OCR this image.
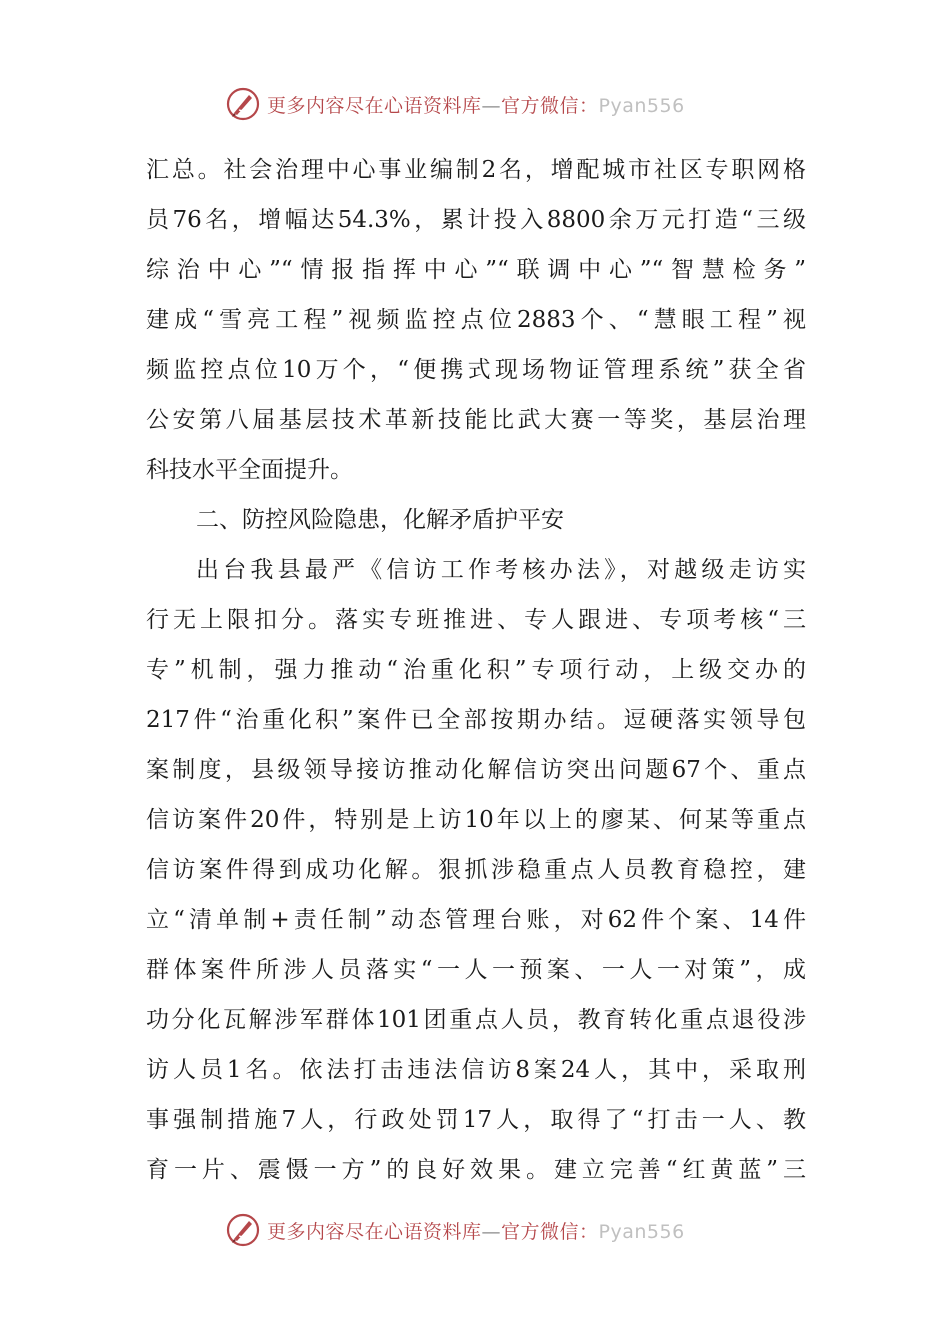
更多内容尽在心语资料库—官方微信：Pyan556
汇总。社会治理中心事业编制2名，增配城市社区专职网格
员76名，增幅达54.3%，累计投入8800余万元打造“三级
综治中心”“情报指挥中心”“联调中心”“智慧检务”
建成“雪亮工程”视频监控点位2883个、“慧眼工程”视
频监控点位10万个，“便携式现场物证管理系统”获全省
公安第八届基层技术革新技能比武大赛一等奖，基层治理
科技水平全面提升。
二、防控风险隐患，化解矛盾护平安
出台我县最严《信访工作考核办法》，对越级走访实
行无上限扣分。落实专班推进、专人跟进、专项考核“三
专”机制，强力推动“治重化积”专项行动，上级交办的
217件“治重化积”案件已全部按期办结。逗硬落实领导包
案制度，县级领导接访推动化解信访突出问题67个、重点
信访案件20件，特别是上访10年以上的廖某、何某等重点
信访案件得到成功化解。狠抓涉稳重点人员教育稳控，建
立“清单制+责任制”动态管理台账，对62件个案、14件
群体案件所涉人员落实“一人一预案、一人一对策”，成
功分化瓦解涉军群体101团重点人员，教育转化重点退役涉
访人员1名。依法打击违法信访8案24人，其中，采取刑
事强制措施7人，行政处罚17人，取得了“打击一人、教
育一片、震慑一方”的良好效果。建立完善“红黄蓝”三
更多内容尽在心语资料库—官方微信：Pyan556
